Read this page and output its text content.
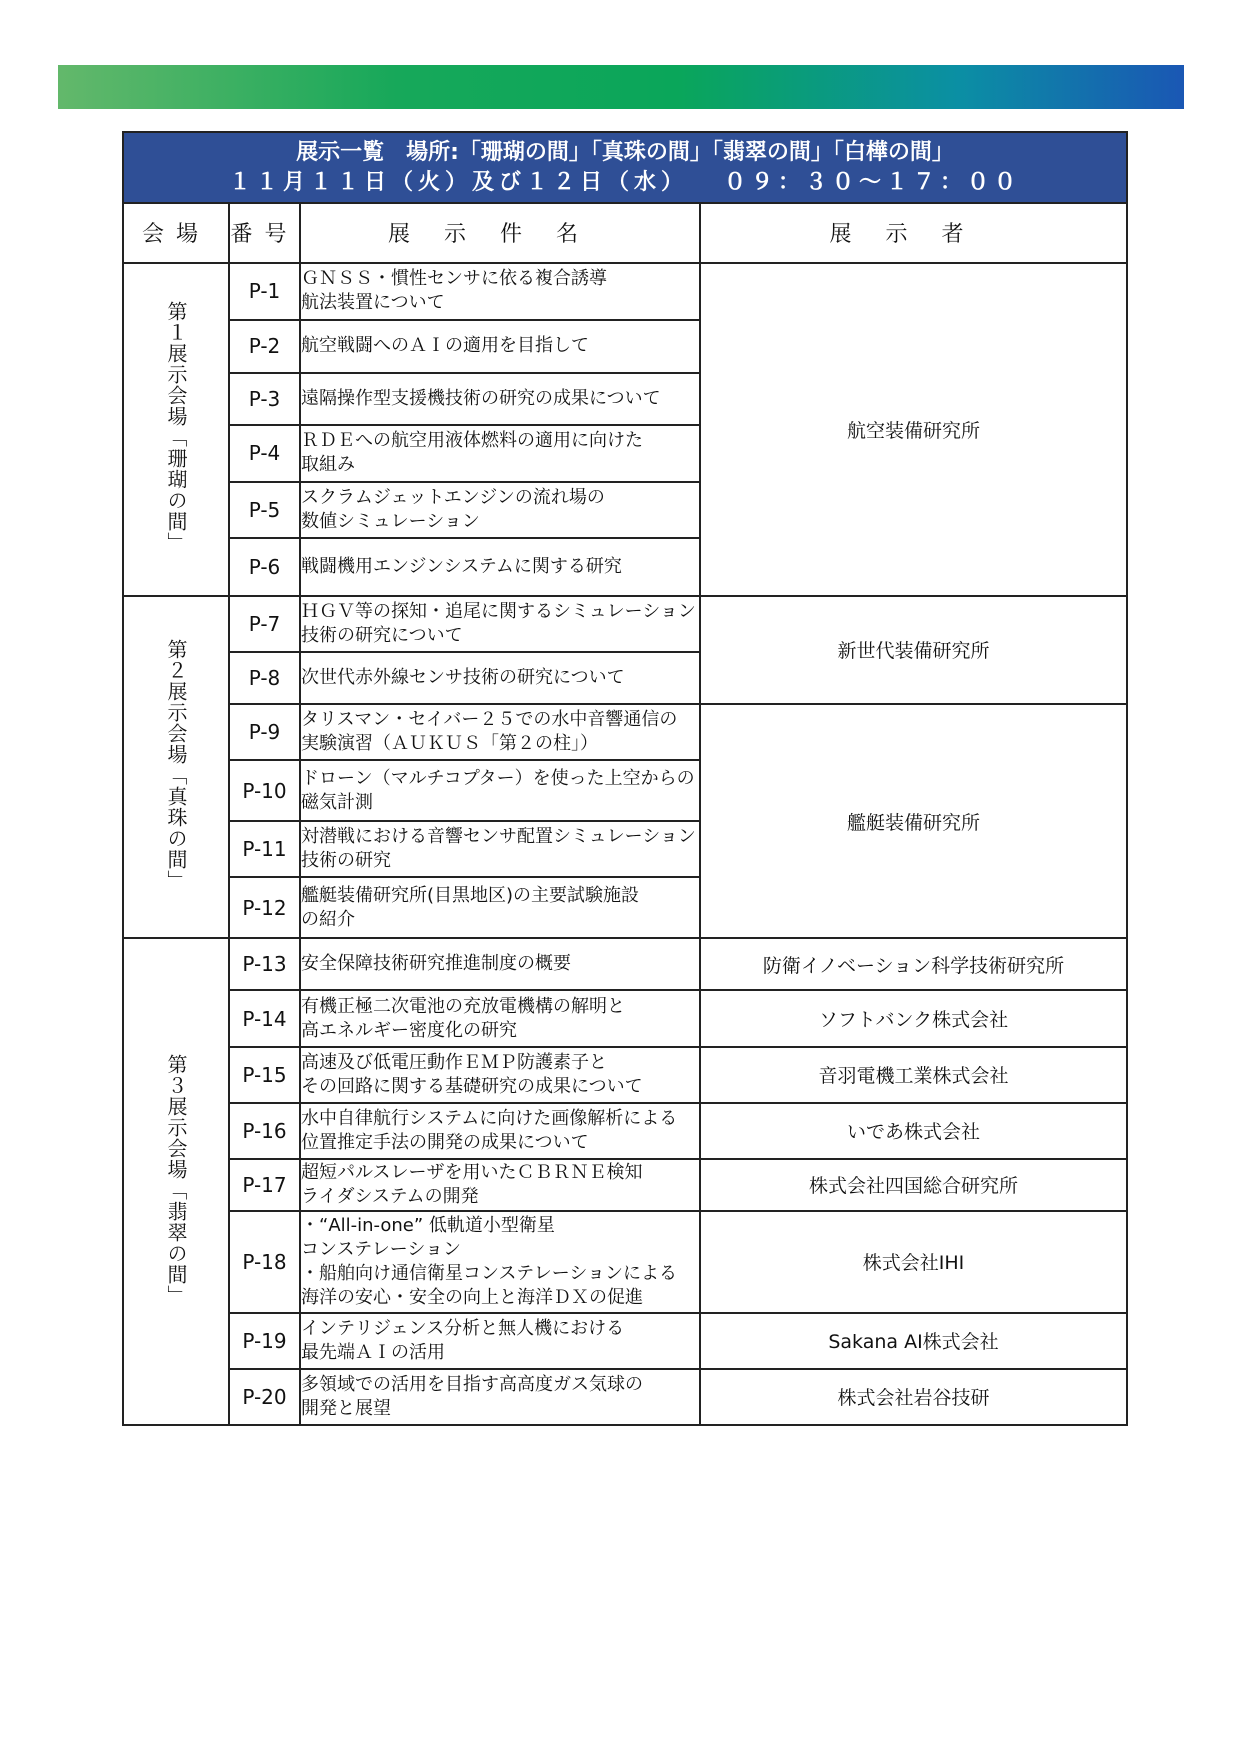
展示一覧　場所:「珊瑚の間」「真珠の間」「翡翠の間」「白樺の間」
１１月１１日（火）及び１２日（水） ０９：３０～１７：００			

会場	番号	展示件名	展示者
第１展示会場「珊瑚の間」	P-1	ＧＮＳＳ・慣性センサに依る複合誘導
航法装置について	航空装備研究所
	P-2	航空戦闘へのＡＩの適用を目指して	

	P-3	遠隔操作型支援機技術の研究の成果について	

	P-4	ＲＤＥへの航空用液体燃料の適用に向けた
取組み	

	P-5	スクラムジェットエンジンの流れ場の
数値シミュレーション	

	P-6	戦闘機用エンジンシステムに関する研究	

第２展示会場「真珠の間」	P-7	ＨＧＶ等の探知・追尾に関するシミュレーション
技術の研究について	新世代装備研究所
	P-8	次世代赤外線センサ技術の研究について	

	P-9	タリスマン・セイバー２５での水中音響通信の
実験演習（ＡＵＫＵＳ「第２の柱」）	艦艇装備研究所
	P-10	ドローン（マルチコプター）を使った上空からの
磁気計測	

	P-11	対潜戦における音響センサ配置シミュレーション
技術の研究	

	P-12	艦艇装備研究所(目黒地区)の主要試験施設
の紹介	

第３展示会場「翡翠の間」	P-13	安全保障技術研究推進制度の概要	防衛イノベーション科学技術研究所
	P-14	有機正極二次電池の充放電機構の解明と
高エネルギー密度化の研究	ソフトバンク株式会社
	P-15	高速及び低電圧動作ＥＭＰ防護素子と
その回路に関する基礎研究の成果について	音羽電機工業株式会社
	P-16	水中自律航行システムに向けた画像解析による
位置推定手法の開発の成果について	いであ株式会社
	P-17	超短パルスレーザを用いたＣＢＲＮＥ検知
ライダシステムの開発	株式会社四国総合研究所
	P-18	・“All-in-one” 低軌道小型衛星
コンステレーション
・船舶向け通信衛星コンステレーションによる
海洋の安心・安全の向上と海洋ＤＸの促進	株式会社IHI
	P-19	インテリジェンス分析と無人機における
最先端ＡＩの活用	Sakana AI株式会社
	P-20	多領域での活用を目指す高高度ガス気球の
開発と展望	株式会社岩谷技研
